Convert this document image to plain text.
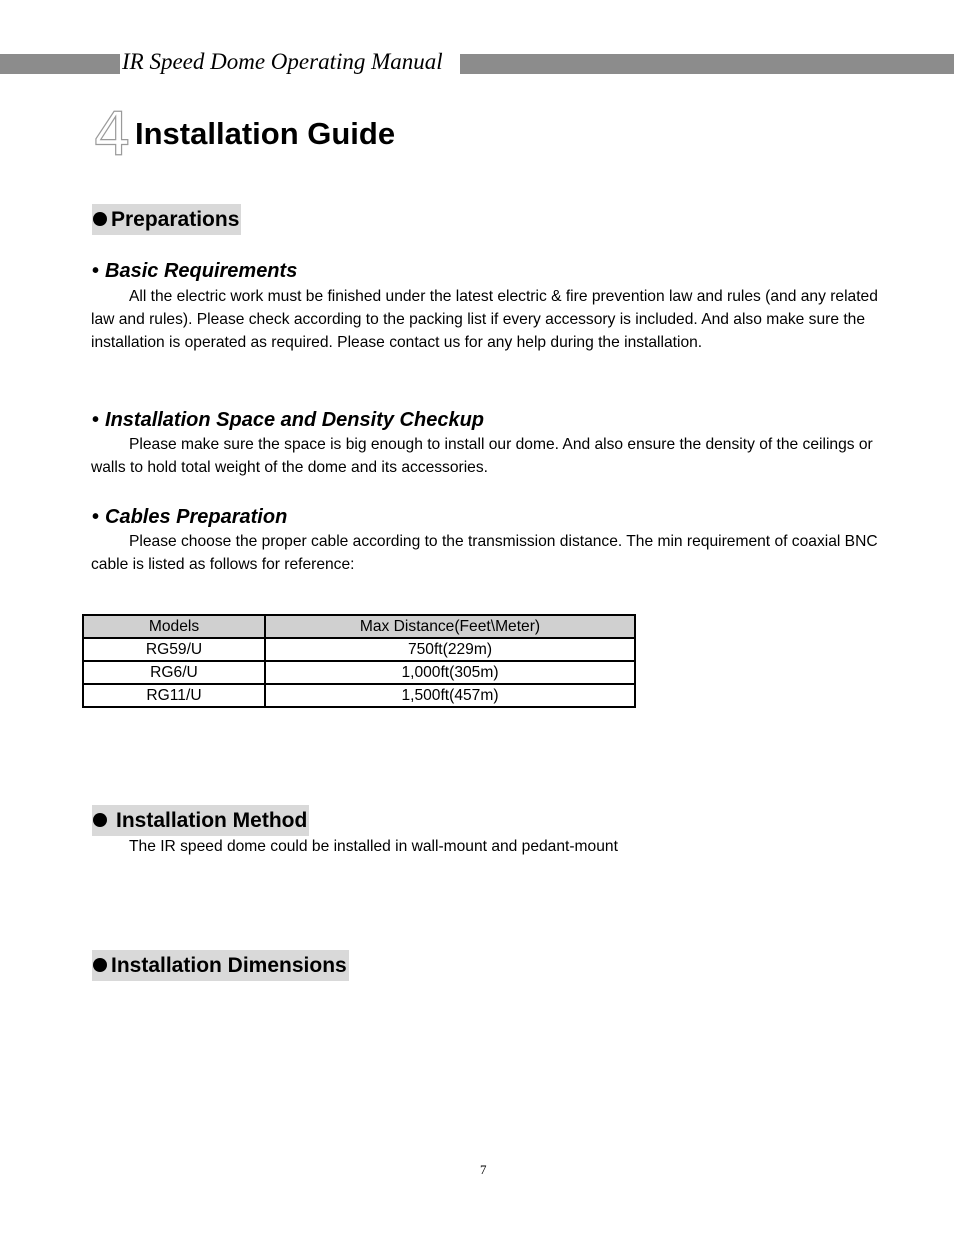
IR Speed Dome Operating Manual
4 Installation Guide
Preparations
• Basic Requirements
All the electric work must be finished under the latest electric & fire prevention law and rules (and any related law and rules). Please check according to the packing list if every accessory is included. And also make sure the installation is operated as required. Please contact us for any help during the installation.
• Installation Space and Density Checkup
Please make sure the space is big enough to install our dome. And also ensure the density of the ceilings or walls to hold total weight of the dome and its accessories.
• Cables Preparation
Please choose the proper cable according to the transmission distance. The min requirement of coaxial BNC cable is listed as follows for reference:
Models	Max Distance(Feet\Meter)
RG59/U	750ft(229m)
RG6/U	1,000ft(305m)
RG11/U	1,500ft(457m)
Installation Method
The IR speed dome could be installed in wall-mount and pedant-mount
Installation Dimensions
7
